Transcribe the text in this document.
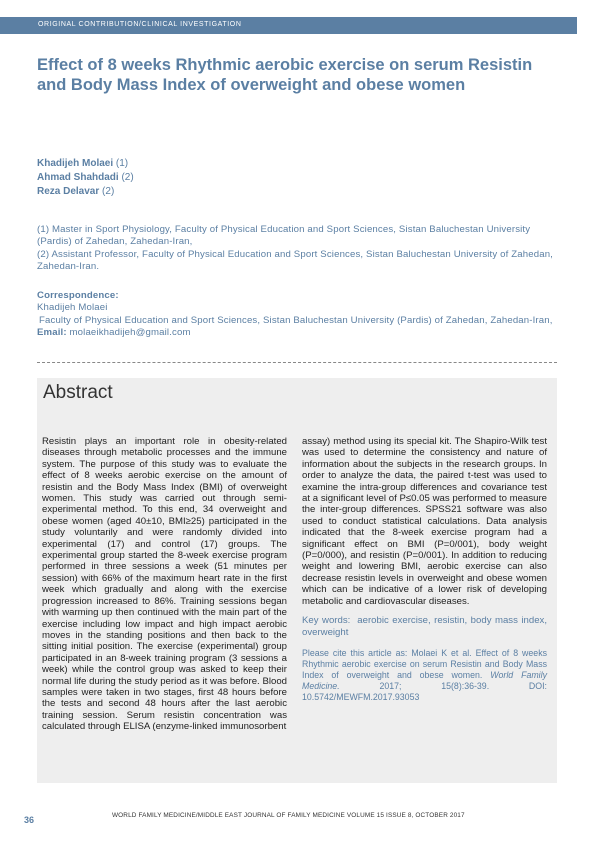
ORIGINAL CONTRIBUTION/CLINICAL INVESTIGATION
Effect of 8 weeks Rhythmic aerobic exercise on serum Resistin and Body Mass Index of overweight and obese women
Khadijeh Molaei (1)
Ahmad Shahdadi (2)
Reza Delavar (2)
(1) Master in Sport Physiology, Faculty of Physical Education and Sport Sciences, Sistan Baluchestan University (Pardis) of Zahedan, Zahedan-Iran,
(2) Assistant Professor, Faculty of Physical Education and Sport Sciences, Sistan Baluchestan University of Zahedan, Zahedan-Iran.
Correspondence:
Khadijeh Molaei
Faculty of Physical Education and Sport Sciences, Sistan Baluchestan University (Pardis) of Zahedan, Zahedan-Iran,
Email: molaeikhadijeh@gmail.com
Abstract
Resistin plays an important role in obesity-related diseases through metabolic processes and the immune system. The purpose of this study was to evaluate the effect of 8 weeks aerobic exercise on the amount of resistin and the Body Mass Index (BMI) of overweight women. This study was carried out through semi-experimental method. To this end, 34 overweight and obese women (aged 40±10, BMI≥25) participated in the study voluntarily and were randomly divided into experimental (17) and control (17) groups. The experimental group started the 8-week exercise program performed in three sessions a week (51 minutes per session) with 66% of the maximum heart rate in the first week which gradually and along with the exercise progression increased to 86%. Training sessions began with warming up then continued with the main part of the exercise including low impact and high impact aerobic moves in the standing positions and then back to the sitting initial position. The exercise (experimental) group participated in an 8-week training program (3 sessions a week) while the control group was asked to keep their normal life during the study period as it was before. Blood samples were taken in two stages, first 48 hours before the tests and second 48 hours after the last aerobic training session. Serum resistin concentration was calculated through ELISA (enzyme-linked immunosorbent

assay) method using its special kit. The Shapiro-Wilk test was used to determine the consistency and nature of information about the subjects in the research groups. In order to analyze the data, the paired t-test was used to examine the intra-group differences and covariance test at a significant level of P≤0.05 was performed to measure the inter-group differences. SPSS21 software was also used to conduct statistical calculations. Data analysis indicated that the 8-week exercise program had a significant effect on BMI (P=0/001), body weight (P=0/000), and resistin (P=0/001). In addition to reducing weight and lowering BMI, aerobic exercise can also decrease resistin levels in overweight and obese women which can be indicative of a lower risk of developing metabolic and cardiovascular diseases.

Key words: aerobic exercise, resistin, body mass index, overweight

Please cite this article as: Molaei K et al. Effect of 8 weeks Rhythmic aerobic exercise on serum Resistin and Body Mass Index of overweight and obese women. World Family Medicine.	2017; 15(8):36-39. DOI: 10.5742/MEWFM.2017.93053

36	WORLD FAMILY MEDICINE/MIDDLE EAST JOURNAL OF FAMILY MEDICINE VOLUME 15 ISSUE 8, OCTOBER 2017
